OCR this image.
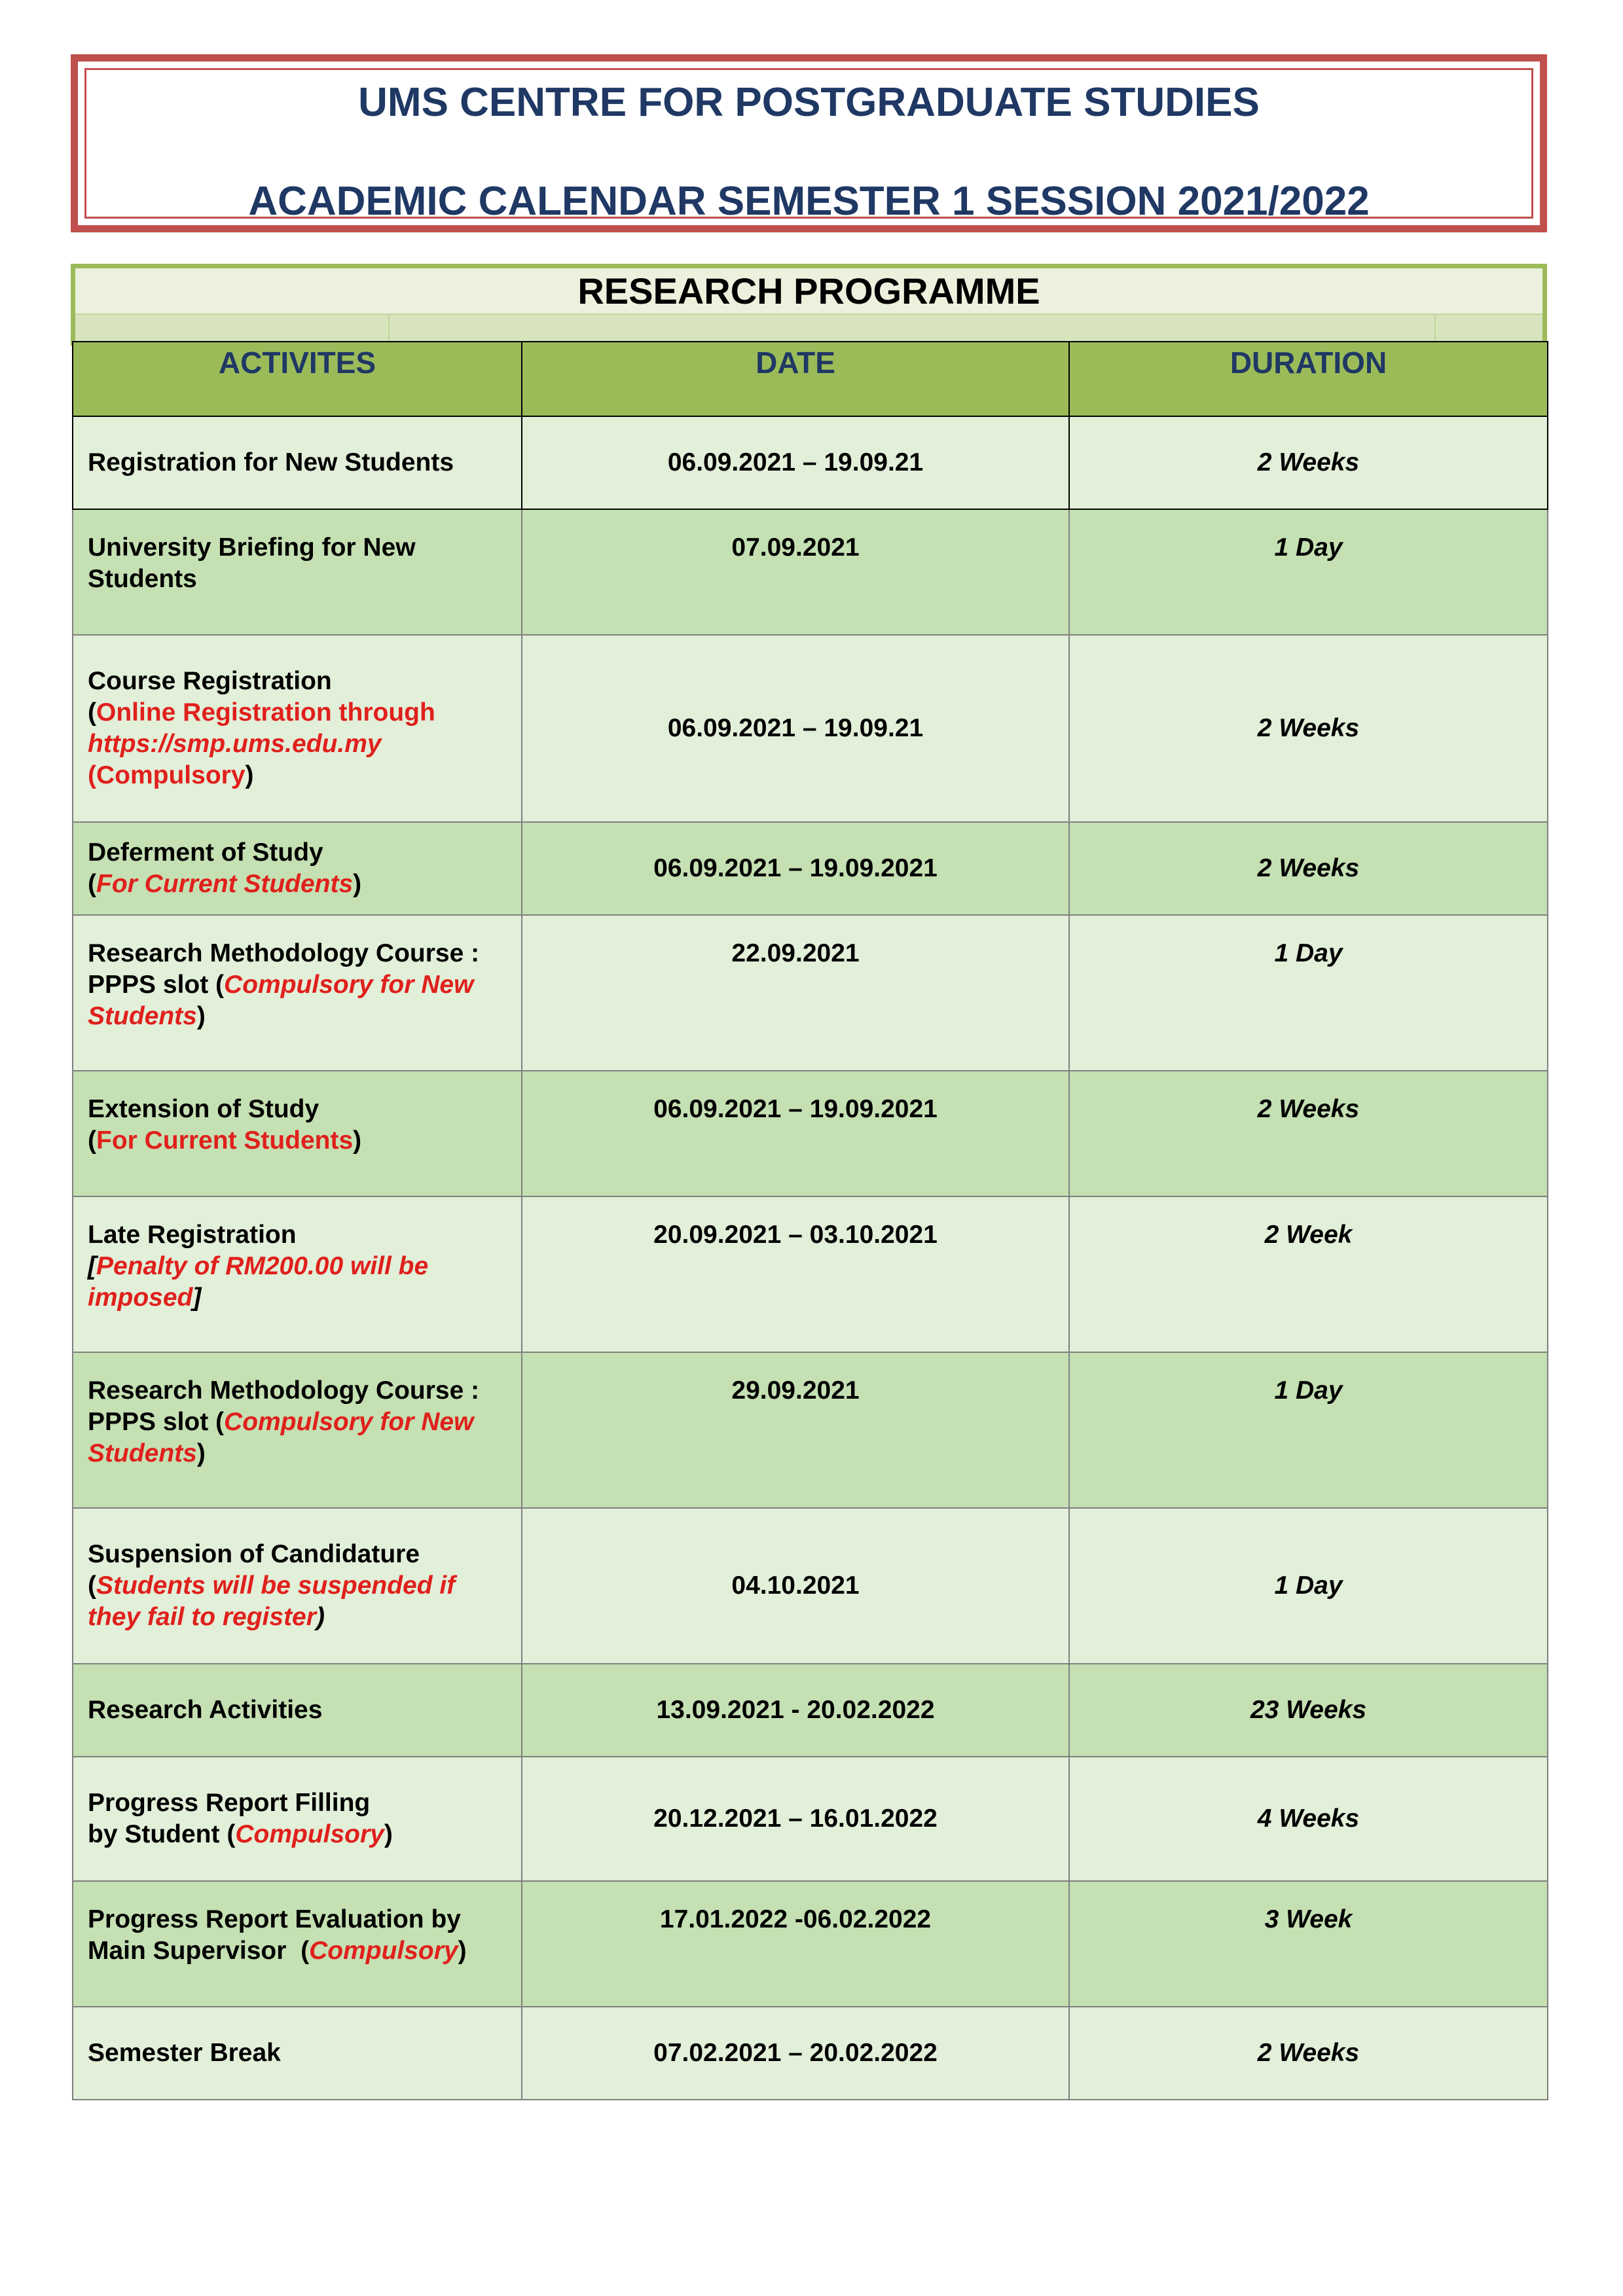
UMS CENTRE FOR POSTGRADUATE STUDIES
ACADEMIC CALENDAR SEMESTER 1 SESSION 2021/2022
RESEARCH PROGRAMME
ACTIVITES	DATE	DURATION
Registration for New Students	06.09.2021 – 19.09.21	2 Weeks
University Briefing for New Students	07.09.2021	1 Day
Course Registration
(Online Registration through
https://smp.ums.edu.my
(Compulsory)	06.09.2021 – 19.09.21	2 Weeks
Deferment of Study
(For Current Students)	06.09.2021 – 19.09.2021	2 Weeks
Research Methodology Course : PPPS slot (Compulsory for New Students)	22.09.2021	1 Day
Extension of Study
(For Current Students)	06.09.2021 – 19.09.2021	2 Weeks
Late Registration
[Penalty of RM200.00 will be imposed]	20.09.2021 – 03.10.2021	2 Week
Research Methodology Course : PPPS slot (Compulsory for New Students)	29.09.2021	1 Day
Suspension of Candidature
(Students will be suspended if they fail to register)	04.10.2021	1 Day
Research Activities	13.09.2021 - 20.02.2022	23 Weeks
Progress Report Filling
by Student (Compulsory)	20.12.2021 – 16.01.2022	4 Weeks
Progress Report Evaluation by Main Supervisor  (Compulsory)	17.01.2022 -06.02.2022	3 Week
Semester Break	07.02.2021 – 20.02.2022	2 Weeks
